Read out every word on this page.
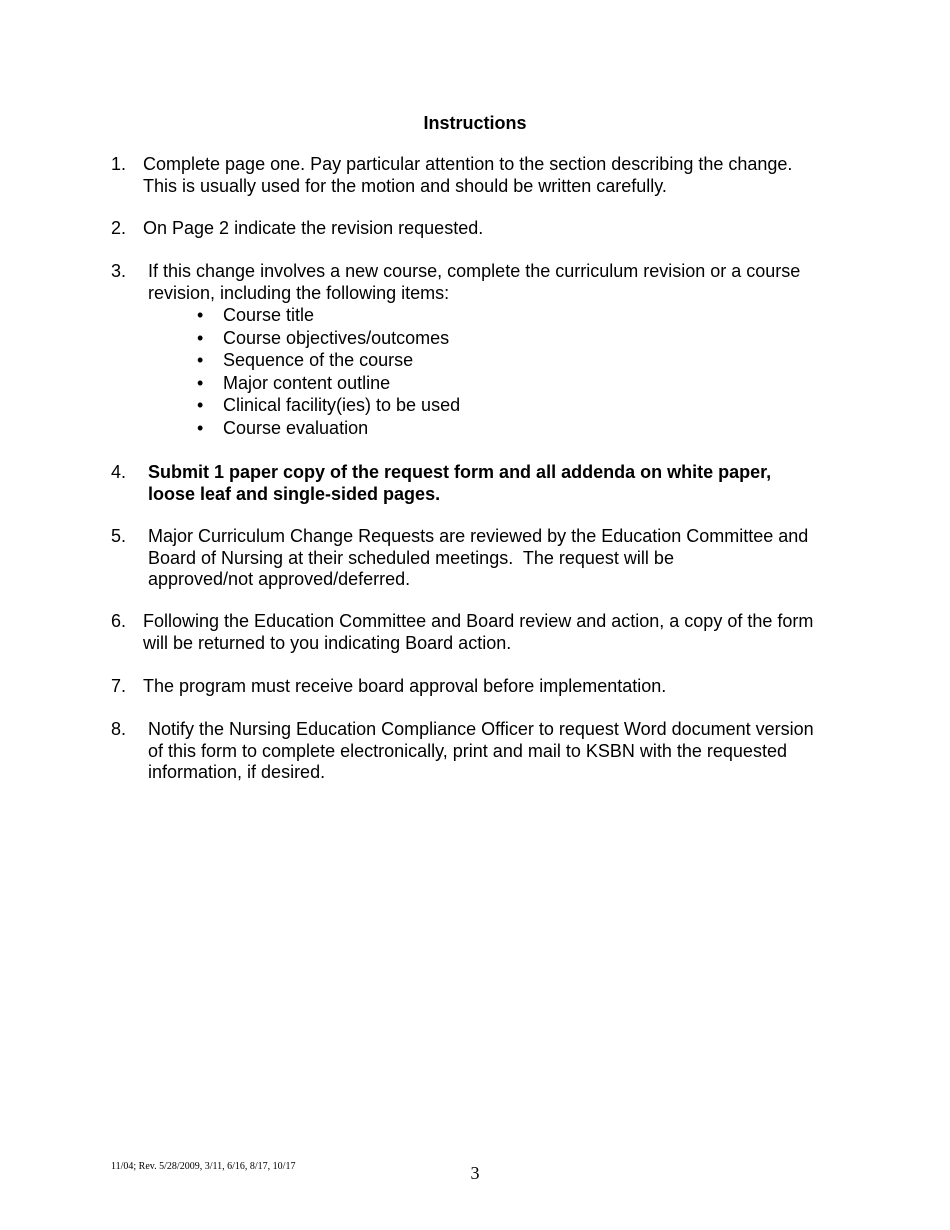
Instructions
1. Complete page one. Pay particular attention to the section describing the change.
This is usually used for the motion and should be written carefully.
2. On Page 2 indicate the revision requested.
3.	If this change involves a new course, complete the curriculum revision or a course
revision, including the following items:
• Course title
• Course objectives/outcomes
• Sequence of the course
• Major content outline
• Clinical facility(ies) to be used
• Course evaluation
4.	Submit 1 paper copy of the request form and all addenda on white paper,
loose leaf and single-sided pages.
5.	Major Curriculum Change Requests are reviewed by the Education Committee and
Board of Nursing at their scheduled meetings.  The request will be
approved/not approved/deferred.
6. Following the Education Committee and Board review and action, a copy of the form
will be returned to you indicating Board action.
7. The program must receive board approval before implementation.
8.	Notify the Nursing Education Compliance Officer to request Word document version
of this form to complete electronically, print and mail to KSBN with the requested
information, if desired.
11/04; Rev. 5/28/2009, 3/11, 6/16, 8/17, 10/17	3
